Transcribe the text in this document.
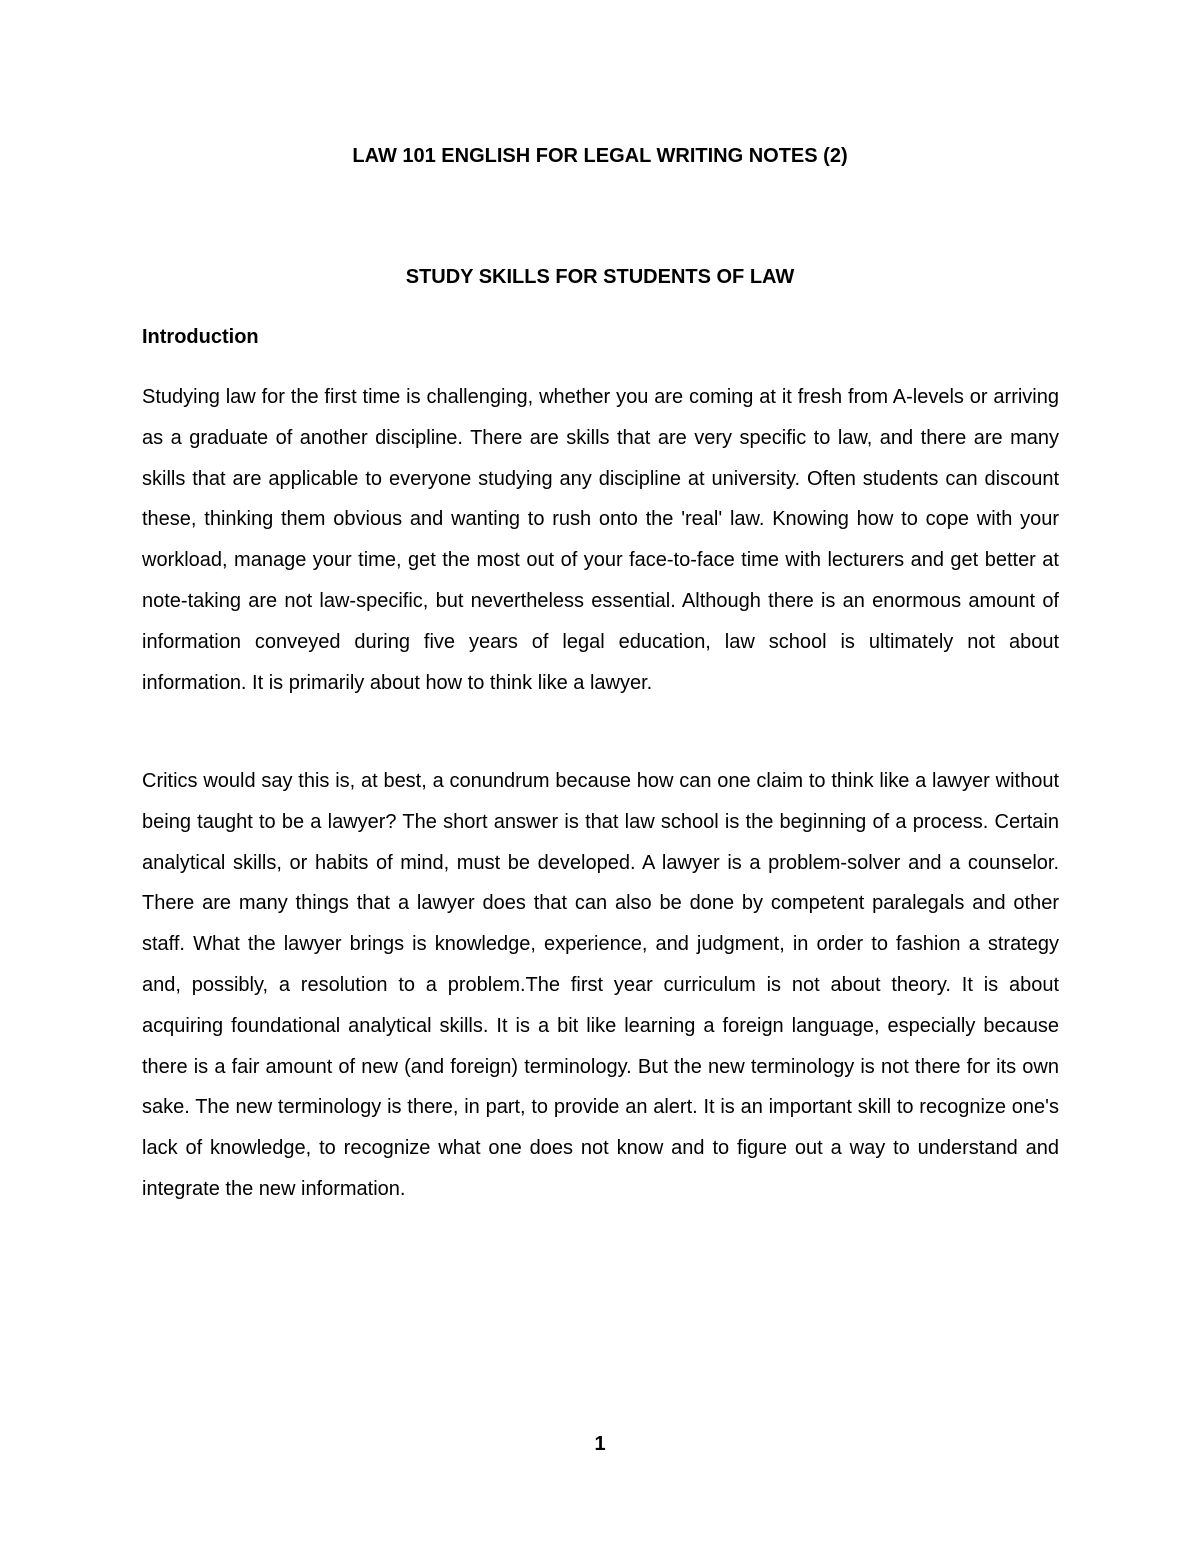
LAW 101 ENGLISH FOR LEGAL WRITING NOTES (2)
STUDY SKILLS FOR STUDENTS OF LAW
Introduction

Studying law for the first time is challenging, whether you are coming at it fresh from A-levels or arriving as a graduate of another discipline. There are skills that are very specific to law, and there are many skills that are applicable to everyone studying any discipline at university. Often students can discount these, thinking them obvious and wanting to rush onto the 'real' law. Knowing how to cope with your workload, manage your time, get the most out of your face-to-face time with lecturers and get better at note-taking are not law-specific, but nevertheless essential. Although there is an enormous amount of information conveyed during five years of legal education, law school is ultimately not about information. It is primarily about how to think like a lawyer.

Critics would say this is, at best, a conundrum because how can one claim to think like a lawyer without being taught to be a lawyer? The short answer is that law school is the beginning of a process. Certain analytical skills, or habits of mind, must be developed. A lawyer is a problem-solver and a counselor. There are many things that a lawyer does that can also be done by competent paralegals and other staff. What the lawyer brings is knowledge, experience, and judgment, in order to fashion a strategy and, possibly, a resolution to a problem.The first year curriculum is not about theory. It is about acquiring foundational analytical skills. It is a bit like learning a foreign language, especially because there is a fair amount of new (and foreign) terminology. But the new terminology is not there for its own sake. The new terminology is there, in part, to provide an alert. It is an important skill to recognize one's lack of knowledge, to recognize what one does not know and to figure out a way to understand and integrate the new information.

1
